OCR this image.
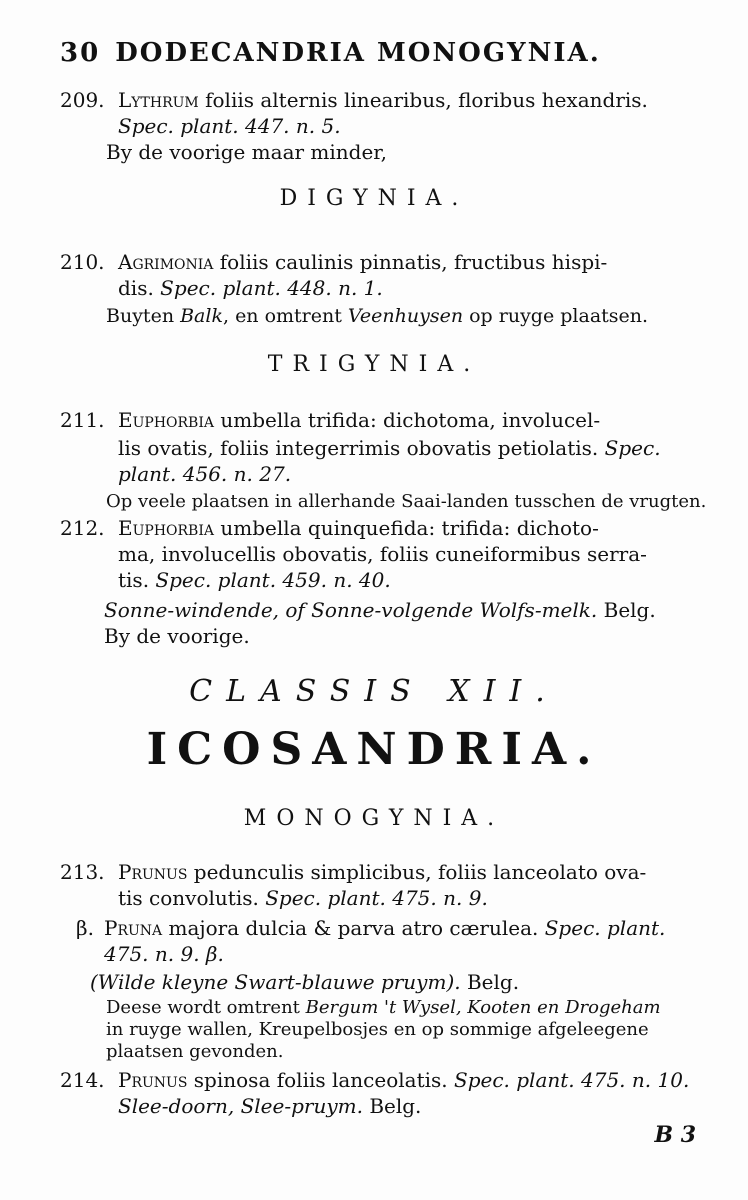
30 DODECANDRIA MONOGYNIA.
209. Lythrum foliis alternis linearibus, floribus hexandris.
Spec. plant. 447. n. 5.
By de voorige maar minder,
DIGYNIA.
210. Agrimonia foliis caulinis pinnatis, fructibus hispi-
dis. Spec. plant. 448. n. 1.
Buyten Balk, en omtrent Veenhuysen op ruyge plaatsen.
TRIGYNIA.
211. Euphorbia umbella trifida: dichotoma, involucel-
lis ovatis, foliis integerrimis obovatis petiolatis. Spec.
plant. 456. n. 27.
Op veele plaatsen in allerhande Saai-landen tusschen de vrugten.
212. Euphorbia umbella quinquefida: trifida: dichoto-
ma, involucellis obovatis, foliis cuneiformibus serra-
tis. Spec. plant. 459. n. 40.
Sonne-windende, of Sonne-volgende Wolfs-melk. Belg.
By de voorige.
CLASSIS XII.
ICOSANDRIA.
MONOGYNIA.
213. Prunus pedunculis simplicibus, foliis lanceolato ova-
tis convolutis. Spec. plant. 475. n. 9.
β. Pruna majora dulcia & parva atro cærulea. Spec. plant.
475. n. 9. β.
(Wilde kleyne Swart-blauwe pruym). Belg.
Deese wordt omtrent Bergum 't Wysel, Kooten en Drogeham
in ruyge wallen, Kreupelbosjes en op sommige afgeleegene
plaatsen gevonden.
214. Prunus spinosa foliis lanceolatis. Spec. plant. 475. n. 10.
Slee-doorn, Slee-pruym. Belg.
B 3
